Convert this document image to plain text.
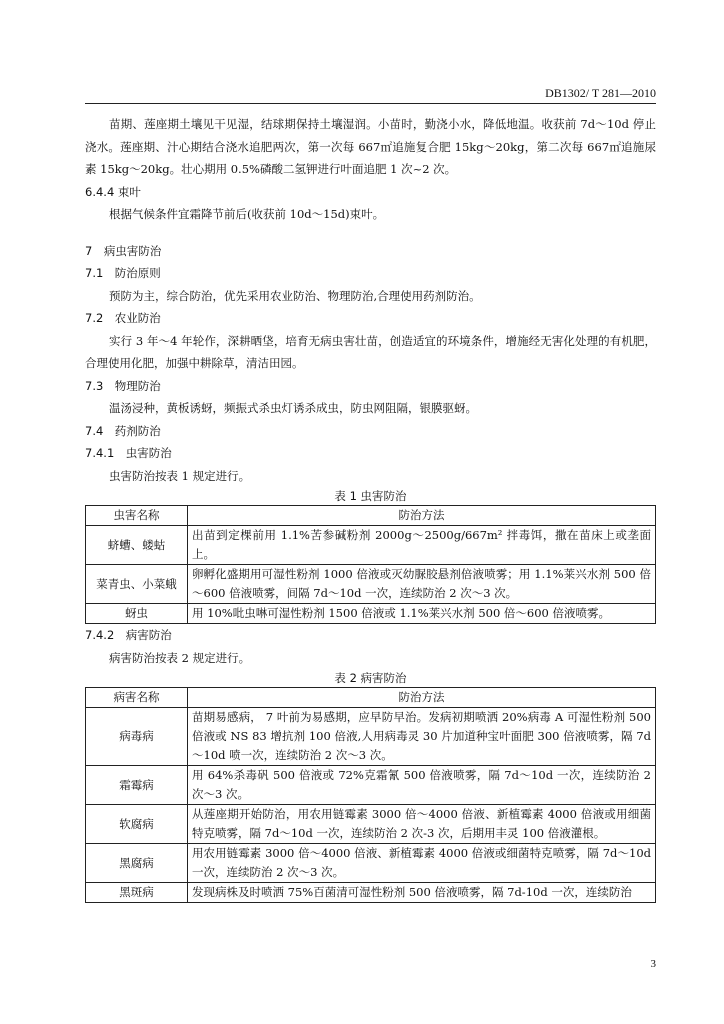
DB1302/ T 281—2010

苗期、莲座期土壤见干见湿，结球期保持土壤湿润。小苗时，勤浇小水，降低地温。收获前 7d～10d 停止浇水。莲座期、汁心期结合浇水追肥两次，第一次每 667㎡追施复合肥 15kg～20kg，第二次每 667㎡追施尿素 15kg～20kg。壮心期用 0.5%磷酸二氢钾进行叶面追肥 1 次~2 次。

6.4.4 束叶

根据气候条件宜霜降节前后(收获前 10d～15d)束叶。

7　病虫害防治

7.1　防治原则

预防为主，综合防治，优先采用农业防治、物理防治,合理使用药剂防治。

7.2　农业防治

实行 3 年～4 年轮作，深耕晒垡，培育无病虫害壮苗，创造适宜的环境条件，增施经无害化处理的有机肥，合理使用化肥，加强中耕除草，清洁田园。

7.3　物理防治

温汤浸种，黄板诱蚜，频振式杀虫灯诱杀成虫，防虫网阻隔，银膜驱蚜。

7.4　药剂防治

7.4.1　虫害防治

虫害防治按表 1 规定进行。

表 1 虫害防治

虫害名称	防治方法
蛴螬、蝼蛄	出苗到定棵前用 1.1%苦参碱粉剂 2000g～2500g/667m² 拌毒饵，撒在苗床上或垄面上。
菜青虫、小菜蛾	卵孵化盛期用可湿性粉剂 1000 倍液或灭幼脲胶悬剂倍液喷雾；用 1.1%莱兴水剂 500 倍～600 倍液喷雾，间隔 7d～10d 一次，连续防治 2 次～3 次。
蚜虫	用 10%吡虫啉可湿性粉剂 1500 倍液或 1.1%莱兴水剂 500 倍～600 倍液喷雾。

7.4.2　病害防治

病害防治按表 2 规定进行。

表 2 病害防治

病害名称	防治方法
病毒病	苗期易感病， 7 叶前为易感期，应早防早治。发病初期喷洒 20%病毒 A 可湿性粉剂 500 倍液或 NS 83 增抗剂 100 倍液,人用病毒灵 30 片加道种宝叶面肥 300 倍液喷雾，隔 7d～10d 喷一次，连续防治 2 次～3 次。
霜霉病	用 64%杀毒矾 500 倍液或 72%克霜氰 500 倍液喷雾，隔 7d～10d 一次，连续防治 2 次～3 次。
软腐病	从莲座期开始防治，用农用链霉素 3000 倍～4000 倍液、新植霉素 4000 倍液或用细菌特克喷雾，隔 7d～10d 一次，连续防治 2 次-3 次，后期用丰灵 100 倍液灌根。
黑腐病	用农用链霉素 3000 倍～4000 倍液、新植霉素 4000 倍液或细菌特克喷雾，隔 7d～10d 一次，连续防治 2 次～3 次。
黑斑病	发现病株及时喷洒 75%百菌清可湿性粉剂 500 倍液喷雾，隔 7d-10d 一次，连续防治
3
